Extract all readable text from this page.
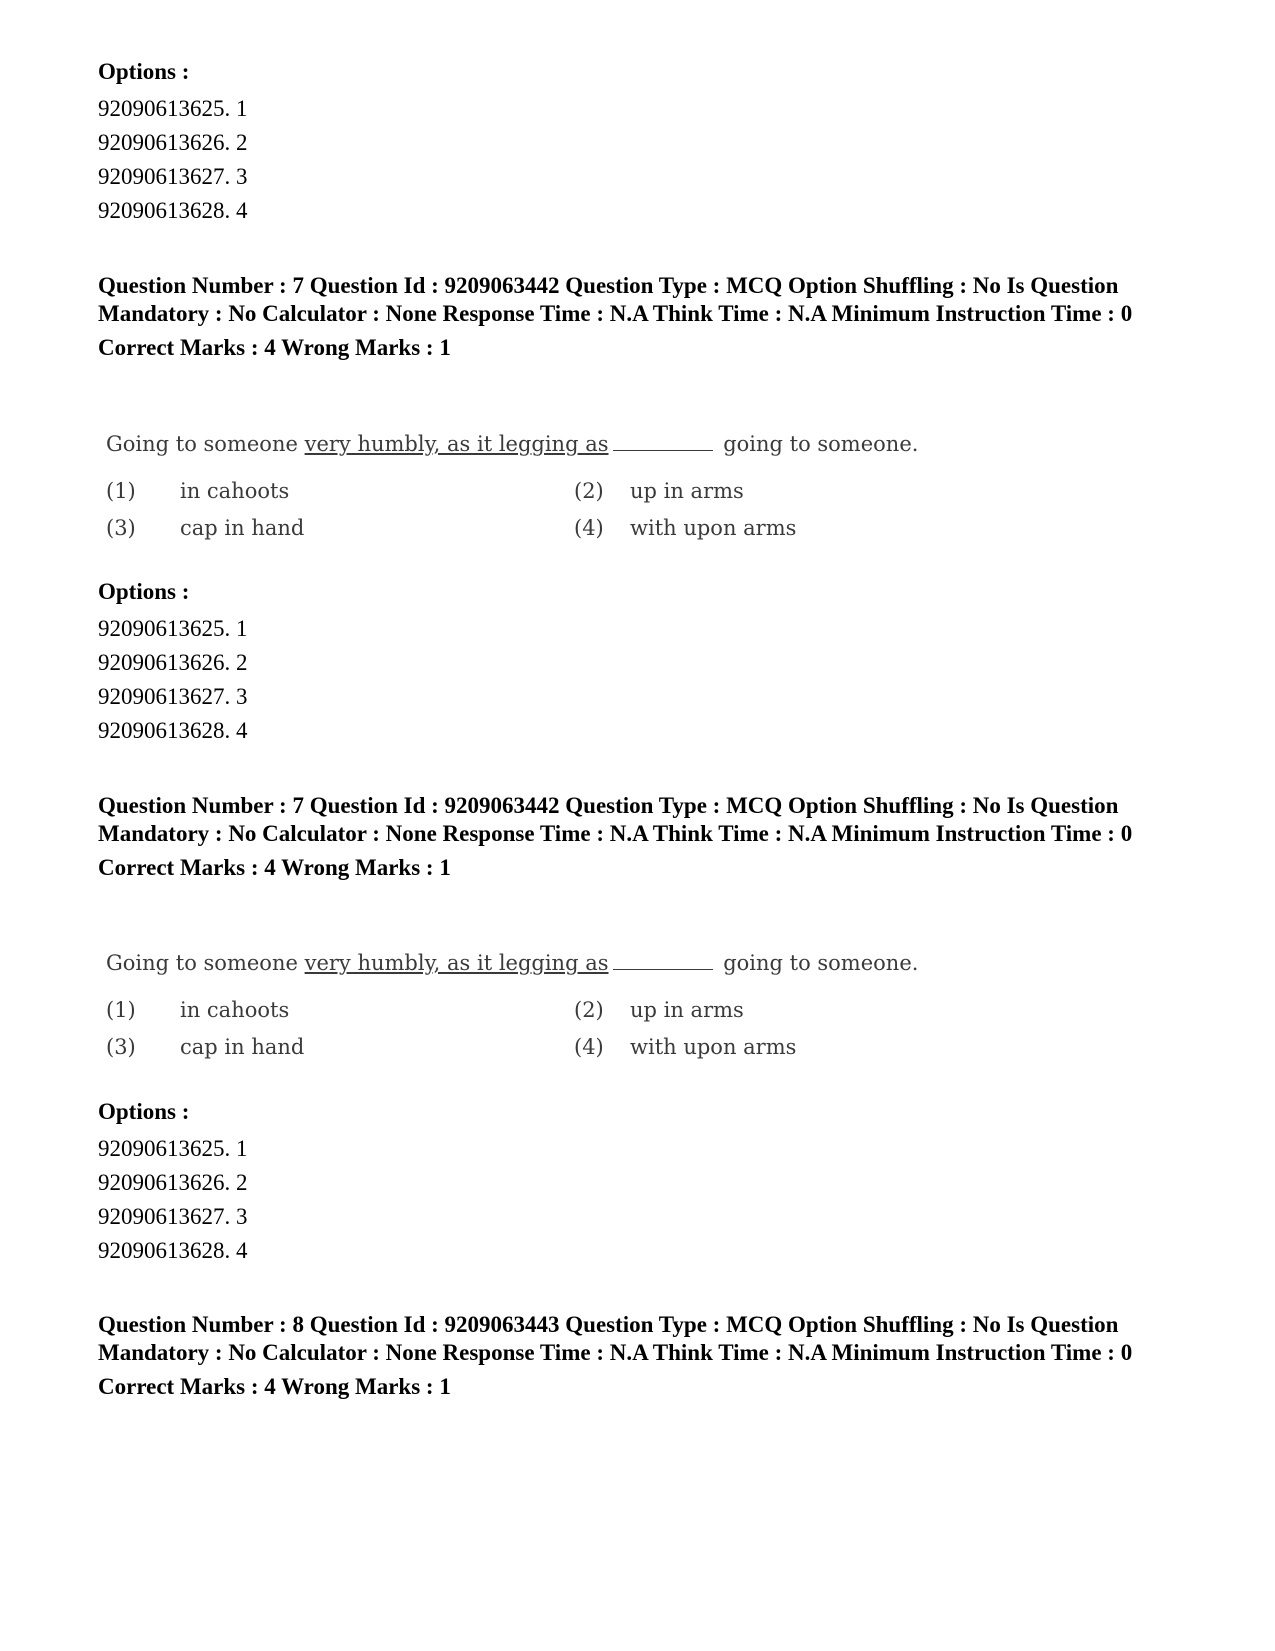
Options :
92090613625. 1
92090613626. 2
92090613627. 3
92090613628. 4

Question Number : 7 Question Id : 9209063442 Question Type : MCQ Option Shuffling : No Is Question Mandatory : No Calculator : None Response Time : N.A Think Time : N.A Minimum Instruction Time : 0

Correct Marks : 4 Wrong Marks : 1
Going to someone very humbly, as it legging as	going to someone.
(1) in cahoots	(2) up in arms
(3) cap in hand	(4) with upon arms
Options :
92090613625. 1
92090613626. 2
92090613627. 3
92090613628. 4

Question Number : 7 Question Id : 9209063442 Question Type : MCQ Option Shuffling : No Is Question Mandatory : No Calculator : None Response Time : N.A Think Time : N.A Minimum Instruction Time : 0

Correct Marks : 4 Wrong Marks : 1
Going to someone very humbly, as it legging as	going to someone.
(1) in cahoots	(2) up in arms
(3) cap in hand	(4) with upon arms
Options :
92090613625. 1
92090613626. 2
92090613627. 3
92090613628. 4

Question Number : 8 Question Id : 9209063443 Question Type : MCQ Option Shuffling : No Is Question Mandatory : No Calculator : None Response Time : N.A Think Time : N.A Minimum Instruction Time : 0

Correct Marks : 4 Wrong Marks : 1
